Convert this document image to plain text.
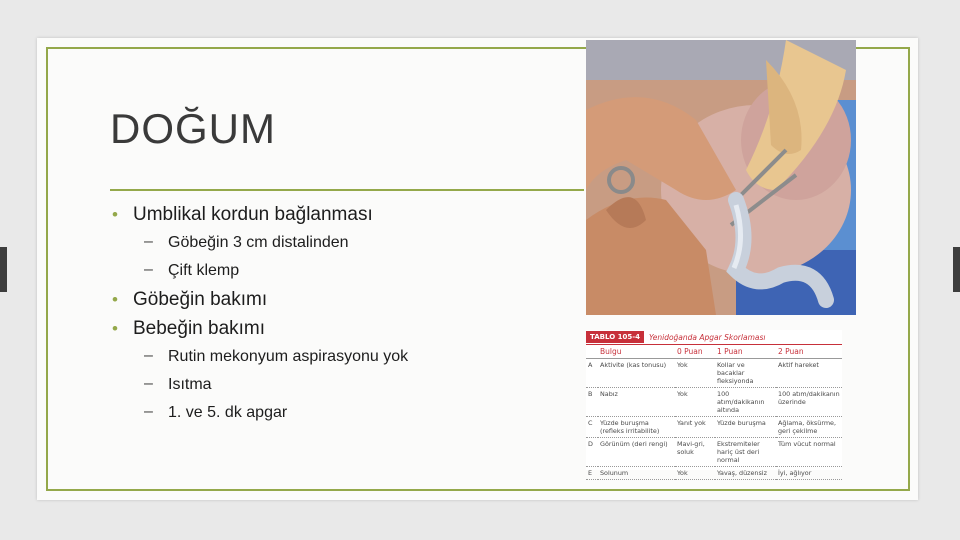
DOĞUM
• Umblikal kordun bağlanması
– Göbeğin 3 cm distalinden
– Çift klemp
• Göbeğin bakımı
• Bebeğin bakımı
– Rutin mekonyum aspirasyonu yok
– Isıtma
– 1. ve 5. dk apgar
TABLO 105-4	Yenidoğanda Apgar Skorlaması
	Bulgu	0 Puan	1 Puan	2 Puan
A	Aktivite (kas tonusu)	Yok	Kollar ve bacaklar fleksiyonda	Aktif hareket
B	Nabız	Yok	100 atım/dakikanın altında	100 atım/dakikanın üzerinde
C	Yüzde buruşma (refleks irritabilite)	Yanıt yok	Yüzde buruşma	Ağlama, öksürme, geri çekilme
D	Görünüm (deri rengi)	Mavi-gri, soluk	Ekstremiteler hariç üst deri normal	Tüm vücut normal
E	Solunum	Yok	Yavaş, düzensiz	İyi, ağlıyor
